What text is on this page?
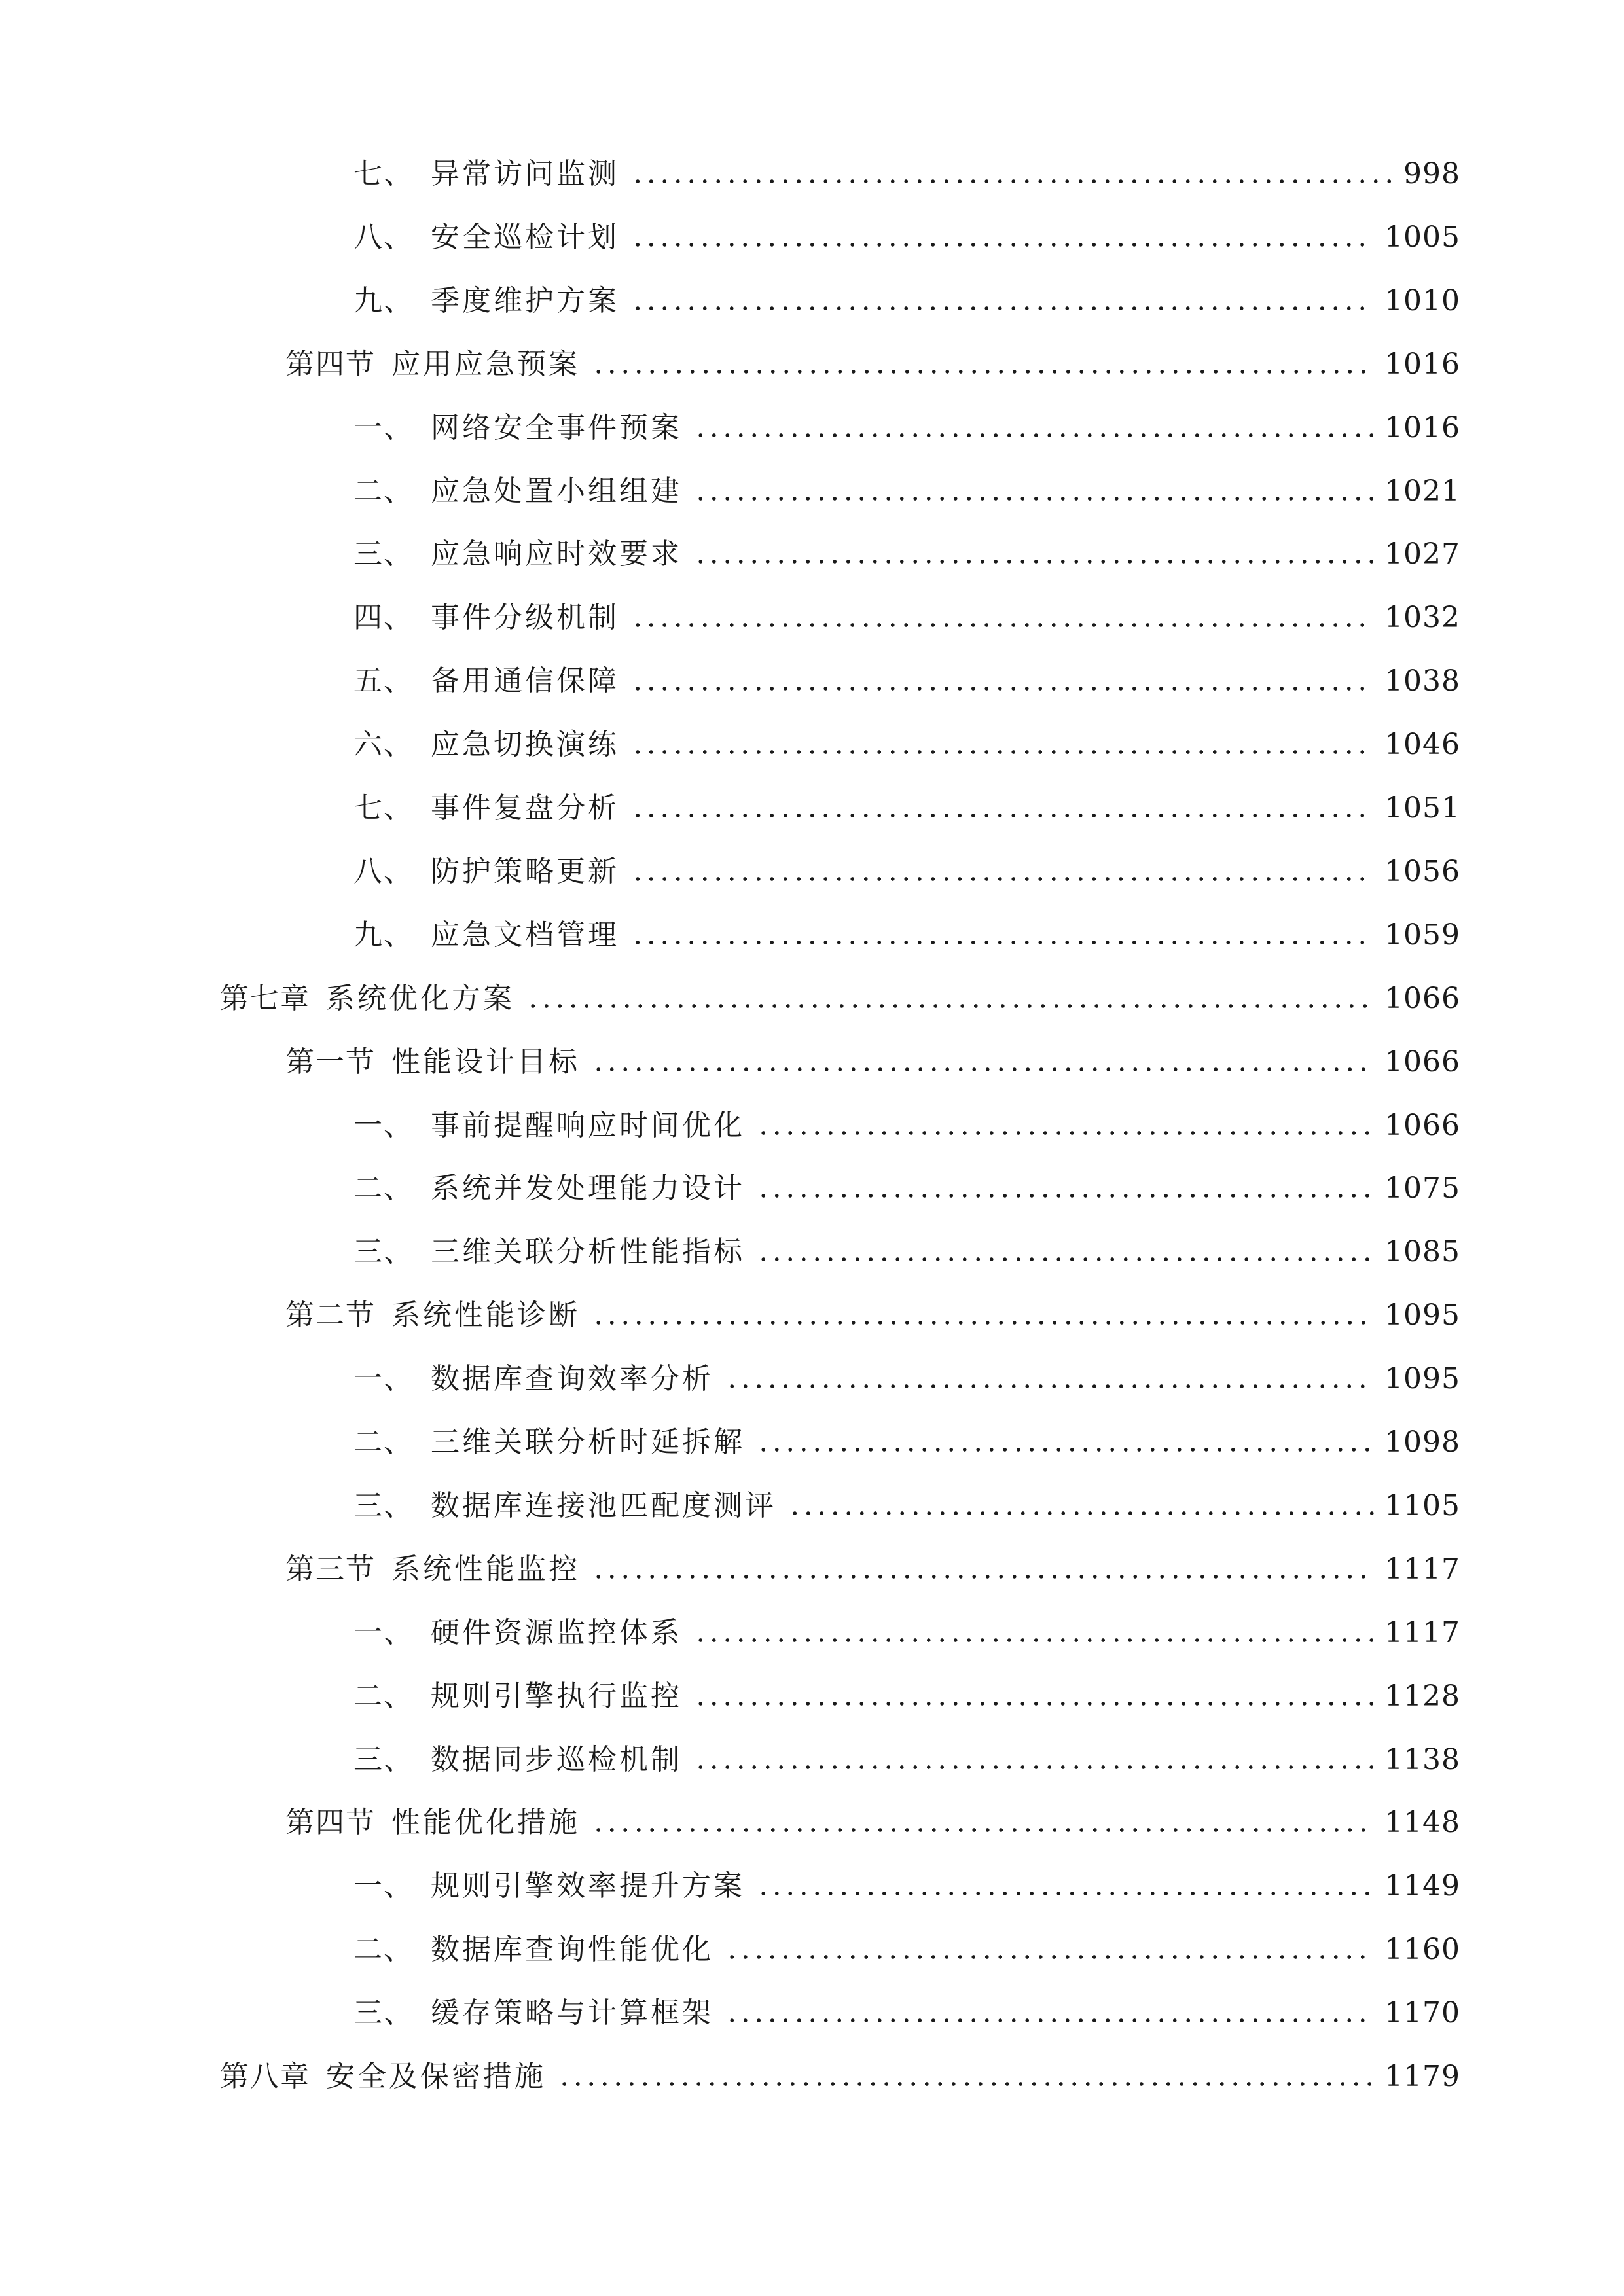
七、 异常访问监测	998
八、 安全巡检计划	1005
九、 季度维护方案	1010
第四节 应用应急预案	1016
一、 网络安全事件预案	1016
二、 应急处置小组组建	1021
三、 应急响应时效要求	1027
四、 事件分级机制	1032
五、 备用通信保障	1038
六、 应急切换演练	1046
七、 事件复盘分析	1051
八、 防护策略更新	1056
九、 应急文档管理	1059
第七章 系统优化方案	1066
第一节 性能设计目标	1066
一、 事前提醒响应时间优化	1066
二、 系统并发处理能力设计	1075
三、 三维关联分析性能指标	1085
第二节 系统性能诊断	1095
一、 数据库查询效率分析	1095
二、 三维关联分析时延拆解	1098
三、 数据库连接池匹配度测评	1105
第三节 系统性能监控	1117
一、 硬件资源监控体系	1117
二、 规则引擎执行监控	1128
三、 数据同步巡检机制	1138
第四节 性能优化措施	1148
一、 规则引擎效率提升方案	1149
二、 数据库查询性能优化	1160
三、 缓存策略与计算框架	1170
第八章 安全及保密措施	1179
